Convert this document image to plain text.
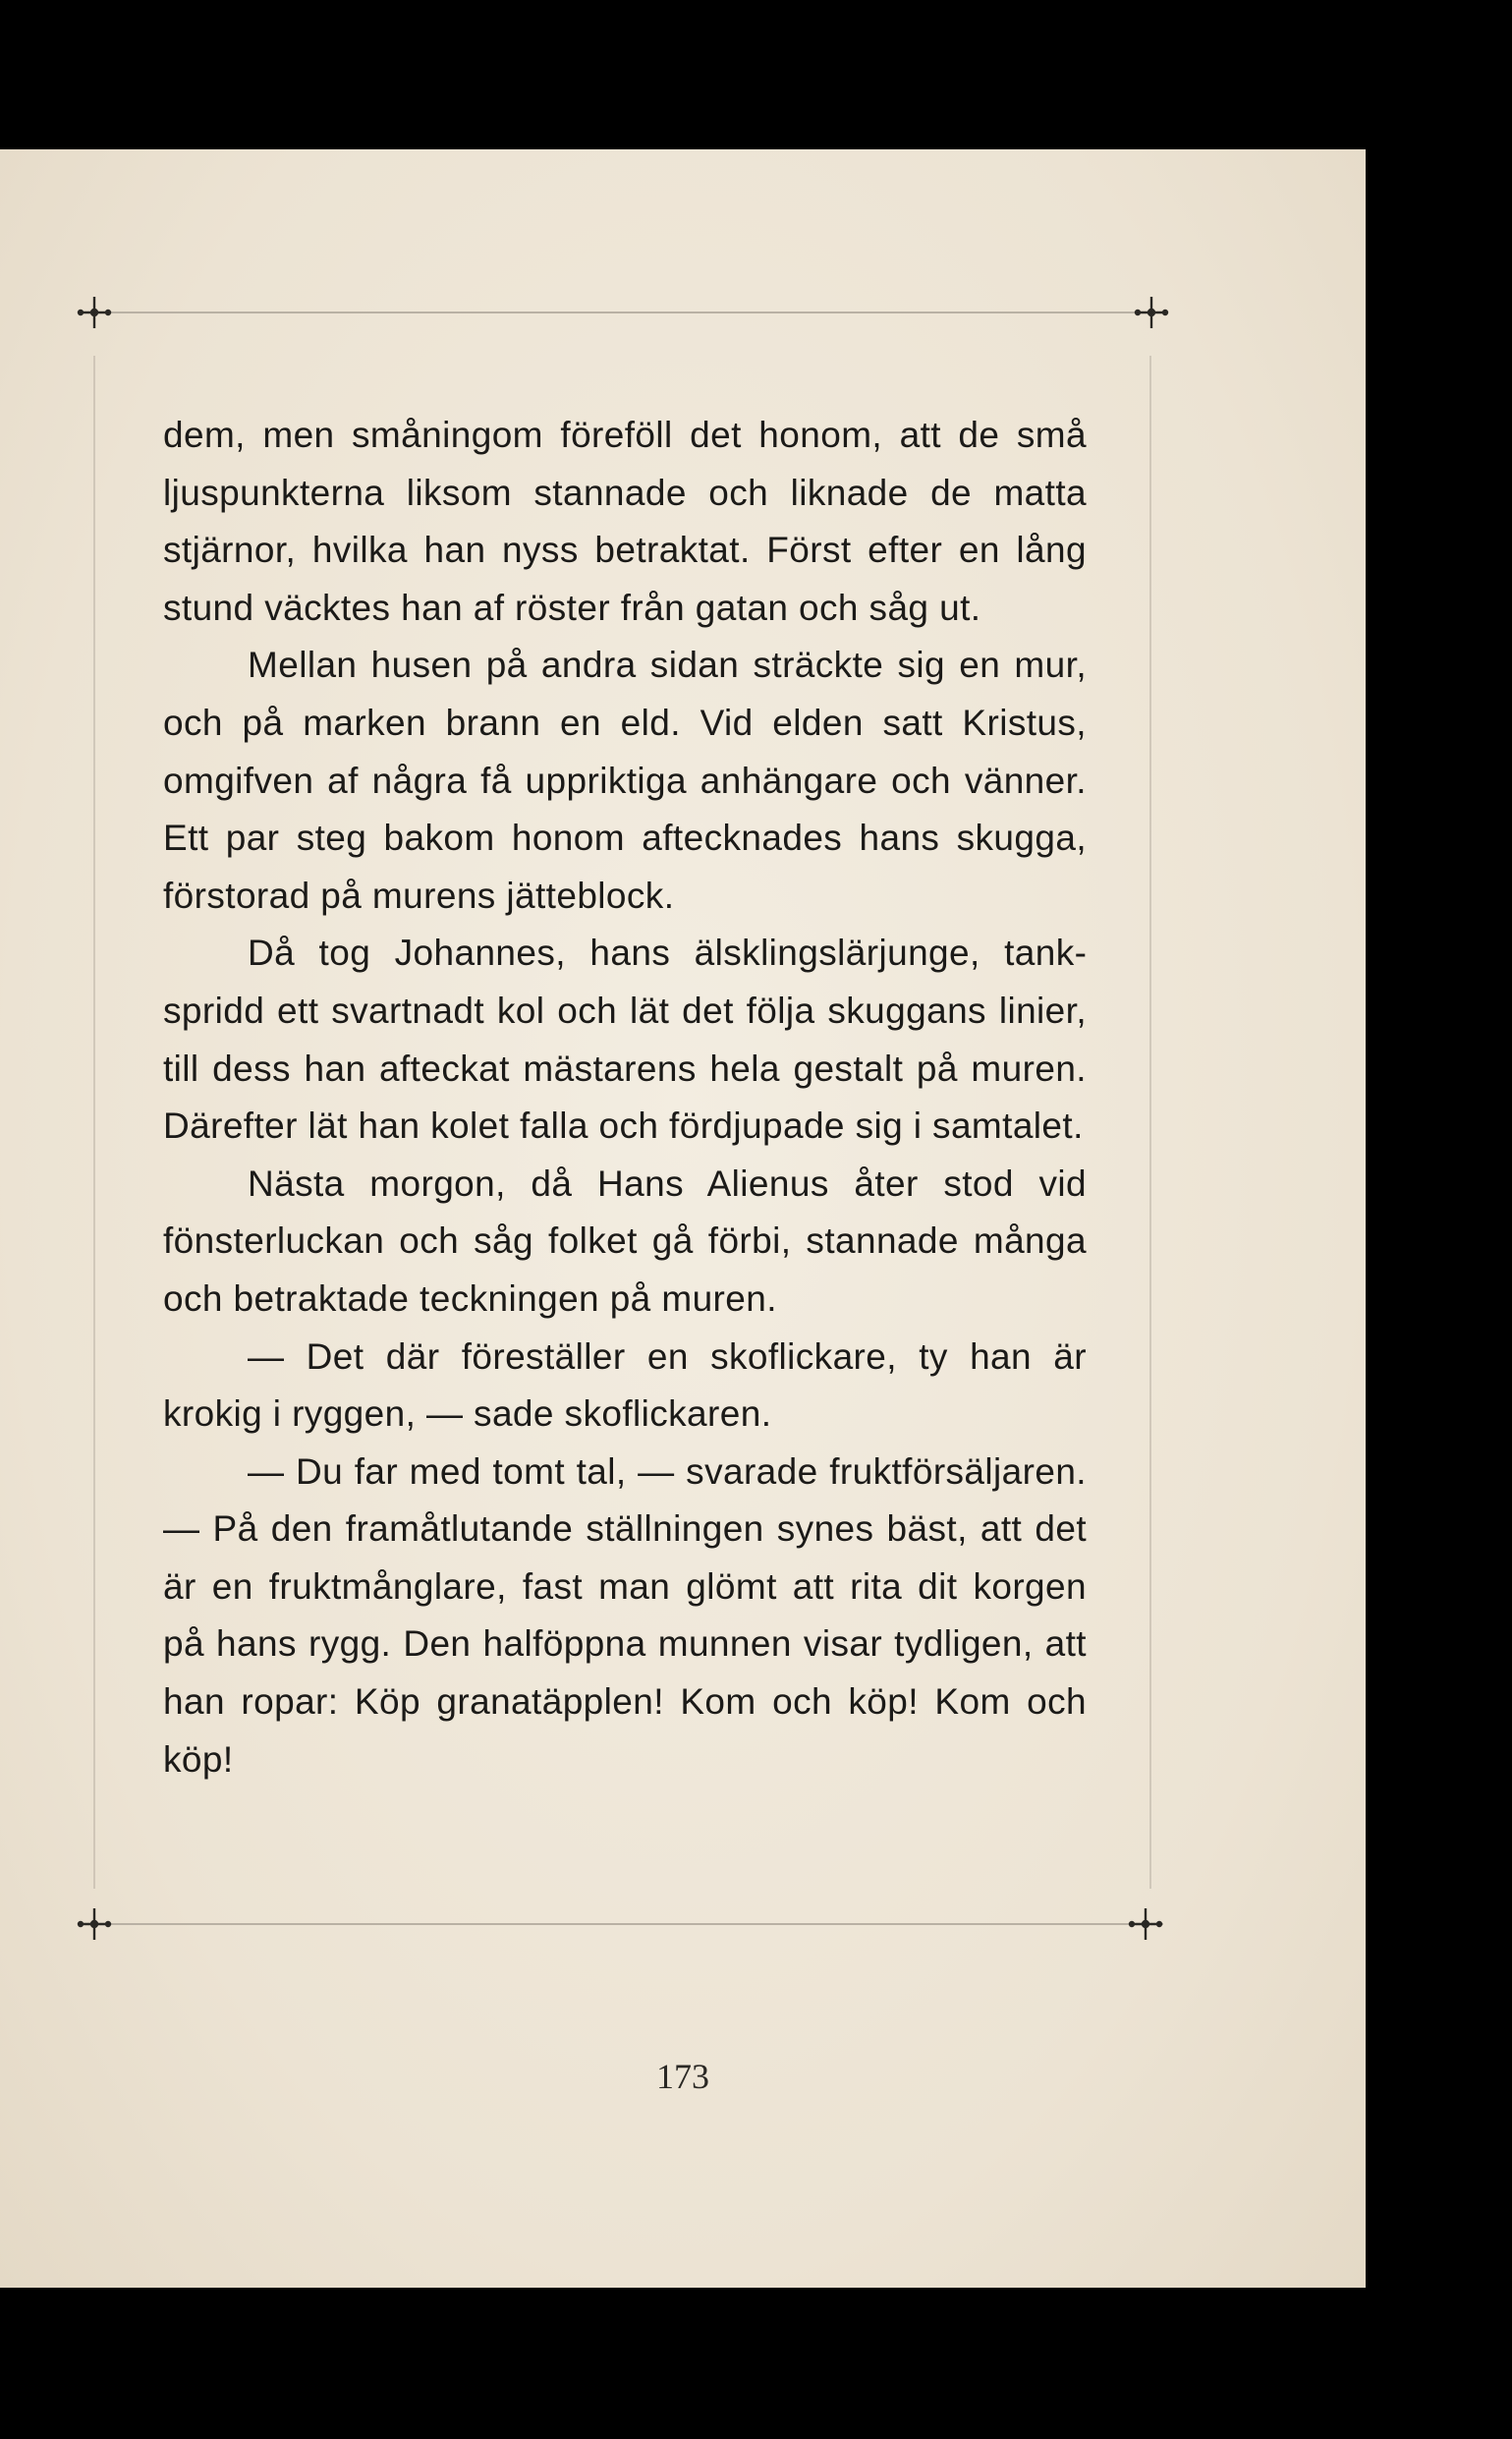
dem, men småningom föreföll det honom, att de små ljuspunkterna liksom stannade och liknade de matta stjärnor, hvilka han nyss betraktat. Först efter en lång stund väcktes han af röster från gatan och såg ut.

Mellan husen på andra sidan sträckte sig en mur, och på marken brann en eld. Vid elden satt Kristus, omgifven af några få uppriktiga anhängare och vänner. Ett par steg bakom honom aftecknades hans skugga, förstorad på murens jätteblock.

Då tog Johannes, hans älsklingslärjunge, tankspridd ett svartnadt kol och lät det följa skuggans linier, till dess han afteckat mästarens hela gestalt på muren. Därefter lät han kolet falla och fördjupade sig i samtalet.

Nästa morgon, då Hans Alienus åter stod vid fönsterluckan och såg folket gå förbi, stannade många och betraktade teckningen på muren.

— Det där föreställer en skoflickare, ty han är krokig i ryggen, — sade skoflickaren.

— Du far med tomt tal, — svarade fruktförsäljaren. — På den framåtlutande ställningen synes bäst, att det är en fruktmånglare, fast man glömt att rita dit korgen på hans rygg. Den halföppna munnen visar tydligen, att han ropar: Köp granatäpplen! Kom och köp! Kom och köp!

173
